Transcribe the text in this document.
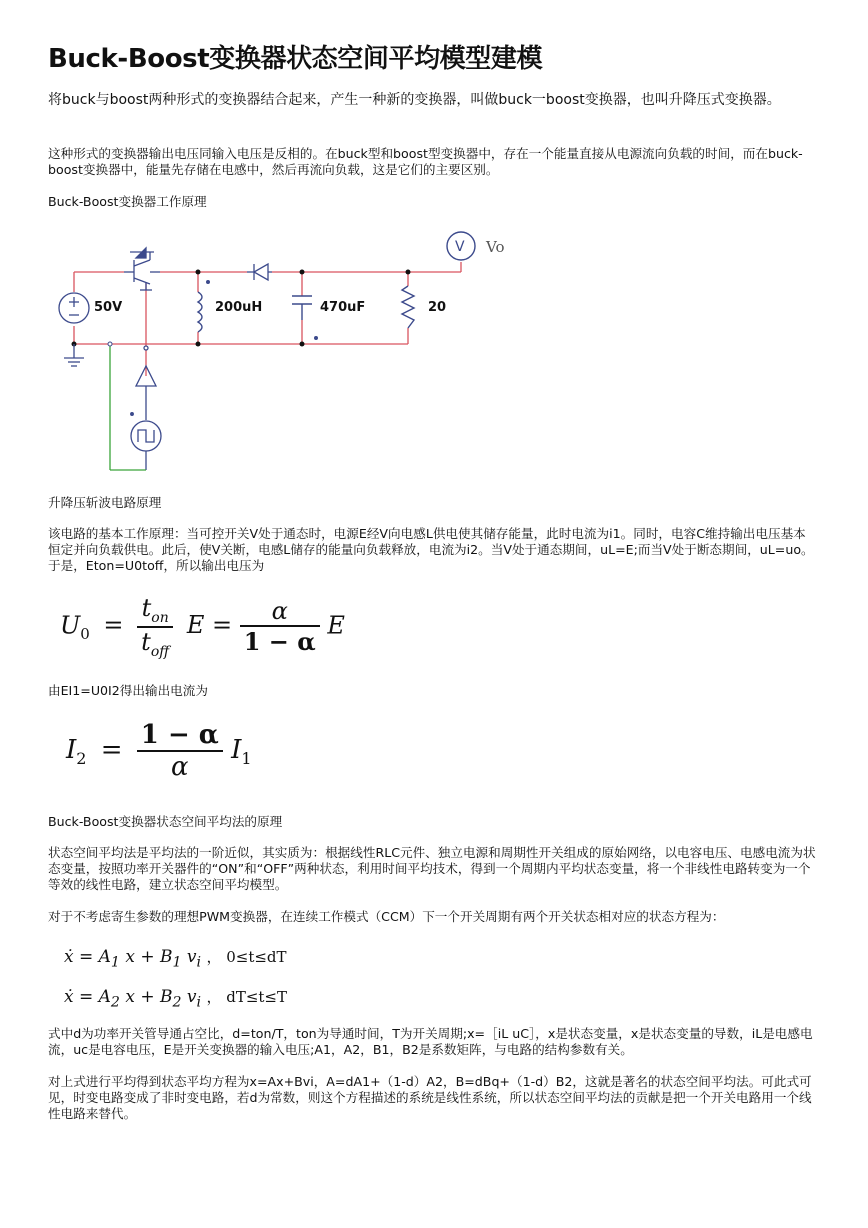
Buck-Boost变换器状态空间平均模型建模

将buck与boost两种形式的变换器结合起来，产生一种新的变换器，叫做buck一boost变换器，也叫升降压式变换器。

这种形式的变换器输出电压同输入电压是反相的。在buck型和boost型变换器中，存在一个能量直接从电源流向负载的时间，而在buck-boost变换器中，能量先存储在电感中，然后再流向负载，这是它们的主要区别。

Buck-Boost变换器工作原理

50V	200uH	470uF	20
V Vo

升降压斩波电路原理

该电路的基本工作原理：当可控开关V处于通态时，电源E经V向电感L供电使其储存能量，此时电流为i1。同时，电容C维持输出电压基本恒定并向负载供电。此后，使V关断，电感L储存的能量向负载释放，电流为i2。当V处于通态期间，uL=E;而当V处于断态期间，uL=uo。于是，Eton=U0toff，所以输出电压为

$U_0 = \frac{t_{on}}{t_{off}}$ $E = \frac{\alpha}{1 - \alpha}$ E

由EI1=U0I2得出输出电流为

$I_2 = \frac{1 - \alpha}{\alpha} I_1$

Buck-Boost变换器状态空间平均法的原理

状态空间平均法是平均法的一阶近似，其实质为：根据线性RLC元件、独立电源和周期性开关组成的原始网络，以电容电压、电感电流为状态变量，按照功率开关器件的“ON”和“OFF”两种状态，利用时间平均技术，得到一个周期内平均状态变量，将一个非线性电路转变为一个等效的线性电路，建立状态空间平均模型。

对于不考虑寄生参数的理想PWM变换器，在连续工作模式（CCM）下一个开关周期有两个开关状态相对应的状态方程为：

ẋ = $A_1$ $x + B_1$ $v_i$ ， 0≤t≤dT
ẋ = $A_2$ $x + B_2$ $v_i$ ， dT≤t≤T

式中d为功率开关管导通占空比，d=ton/T，ton为导通时间，T为开关周期;x=［iL uC］，x是状态变量，x是状态变量的导数，iL是电感电流，uc是电容电压，E是开关变换器的输入电压;A1，A2，B1，B2是系数矩阵，与电路的结构参数有关。

对上式进行平均得到状态平均方程为x=Ax+Bvi，A=dA1+（1-d）A2，B=dBq+（1-d）B2，这就是著名的状态空间平均法。可此式可见，时变电路变成了非时变电路，若d为常数，则这个方程描述的系统是线性系统，所以状态空间平均法的贡献是把一个开关电路用一个线性电路来替代。
